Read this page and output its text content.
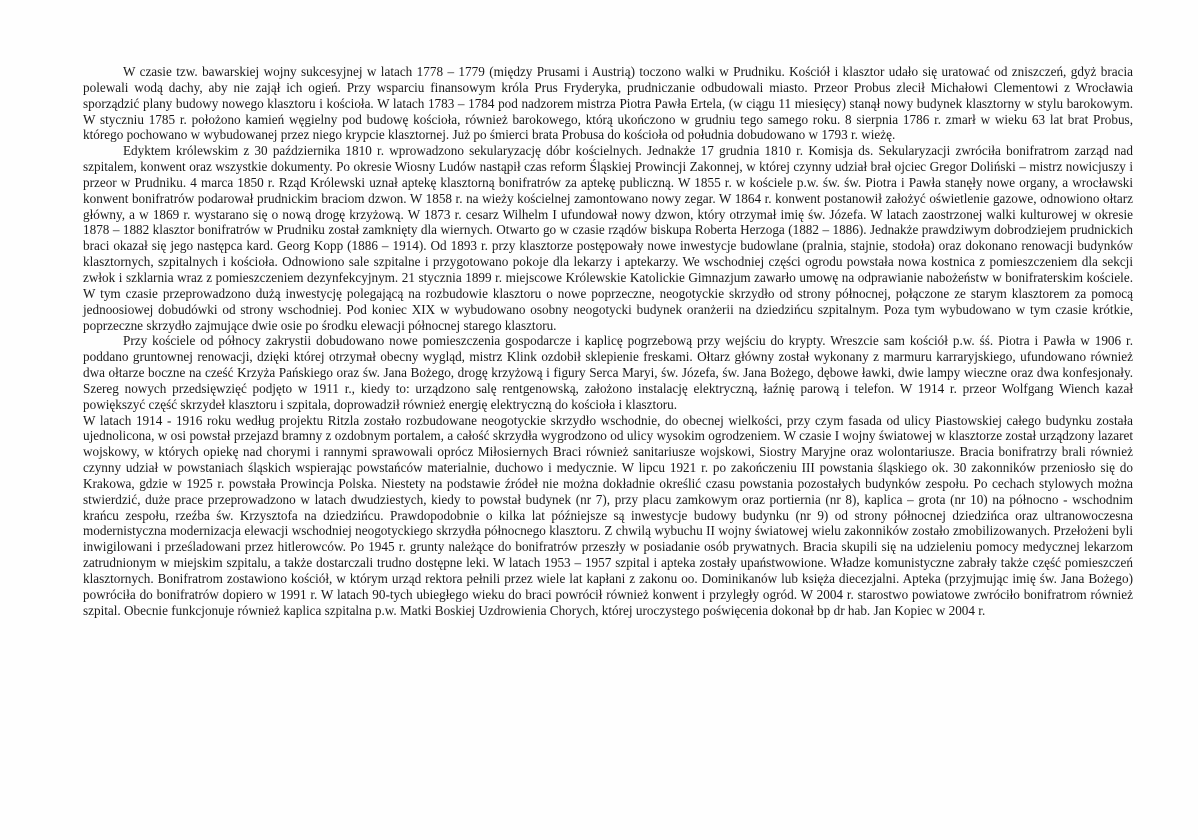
W czasie tzw. bawarskiej wojny sukcesyjnej w latach 1778 – 1779 (między Prusami i Austrią) toczono walki w Prudniku. Kościół i klasztor udało się uratować od zniszczeń, gdyż bracia polewali wodą dachy, aby nie zajął ich ogień. Przy wsparciu finansowym króla Prus Fryderyka, prudniczanie odbudowali miasto. Przeor Probus zlecił Michałowi Clementowi z Wrocławia sporządzić plany budowy nowego klasztoru i kościoła. W latach 1783 – 1784 pod nadzorem mistrza Piotra Pawła Ertela, (w ciągu 11 miesięcy) stanął nowy budynek klasztorny w stylu barokowym. W styczniu 1785 r. położono kamień węgielny pod budowę kościoła, również barokowego, którą ukończono w grudniu tego samego roku. 8 sierpnia 1786 r. zmarł w wieku 63 lat brat Probus, którego pochowano w wybudowanej przez niego krypcie klasztornej. Już po śmierci brata Probusa do kościoła od południa dobudowano w 1793 r. wieżę.

Edyktem królewskim z 30 października 1810 r. wprowadzono sekularyzację dóbr kościelnych. Jednakże 17 grudnia 1810 r. Komisja ds. Sekularyzacji zwróciła bonifratrom zarząd nad szpitalem, konwent oraz wszystkie dokumenty. Po okresie Wiosny Ludów nastąpił czas reform Śląskiej Prowincji Zakonnej, w której czynny udział brał ojciec Gregor Doliński – mistrz nowicjuszy i przeor w Prudniku. 4 marca 1850 r. Rząd Królewski uznał aptekę klasztorną bonifratrów za aptekę publiczną. W 1855 r. w kościele p.w. św. św. Piotra i Pawła stanęły nowe organy, a wrocławski konwent bonifratrów podarował prudnickim braciom dzwon. W 1858 r. na wieży kościelnej zamontowano nowy zegar. W 1864 r. konwent postanowił założyć oświetlenie gazowe, odnowiono ołtarz główny, a w 1869 r. wystarano się o nową drogę krzyżową. W 1873 r. cesarz Wilhelm I ufundował nowy dzwon, który otrzymał imię św. Józefa. W latach zaostrzonej walki kulturowej w okresie 1878 – 1882 klasztor bonifratrów w Prudniku został zamknięty dla wiernych. Otwarto go w czasie rządów biskupa Roberta Herzoga (1882 – 1886). Jednakże prawdziwym dobrodziejem prudnickich braci okazał się jego następca kard. Georg Kopp (1886 – 1914). Od 1893 r. przy klasztorze postępowały nowe inwestycje budowlane (pralnia, stajnie, stodoła) oraz dokonano renowacji budynków klasztornych, szpitalnych i kościoła. Odnowiono sale szpitalne i przygotowano pokoje dla lekarzy i aptekarzy. We wschodniej części ogrodu powstała nowa kostnica z pomieszczeniem dla sekcji zwłok i szklarnia wraz z pomieszczeniem dezynfekcyjnym. 21 stycznia 1899 r. miejscowe Królewskie Katolickie Gimnazjum zawarło umowę na odprawianie nabożeństw w bonifraterskim kościele. W tym czasie przeprowadzono dużą inwestycję polegającą na rozbudowie klasztoru o nowe poprzeczne, neogotyckie skrzydło od strony północnej, połączone ze starym klasztorem za pomocą jednoosiowej dobudówki od strony wschodniej. Pod koniec XIX w wybudowano osobny neogotycki budynek oranżerii na dziedzińcu szpitalnym. Poza tym wybudowano w tym czasie krótkie, poprzeczne skrzydło zajmujące dwie osie po środku elewacji północnej starego klasztoru.

Przy kościele od północy zakrystii dobudowano nowe pomieszczenia gospodarcze i kaplicę pogrzebową przy wejściu do krypty. Wreszcie sam kościół p.w. śś. Piotra i Pawła w 1906 r. poddano gruntownej renowacji, dzięki której otrzymał obecny wygląd, mistrz Klink ozdobił sklepienie freskami. Ołtarz główny został wykonany z marmuru karraryjskiego, ufundowano również dwa ołtarze boczne na cześć Krzyża Pańskiego oraz św. Jana Bożego, drogę krzyżową i figury Serca Maryi, św. Józefa, św. Jana Bożego, dębowe ławki, dwie lampy wieczne oraz dwa konfesjonały. Szereg nowych przedsięwzięć podjęto w 1911 r., kiedy to: urządzono salę rentgenowską, założono instalację elektryczną, łaźnię parową i telefon. W 1914 r. przeor Wolfgang Wiench kazał powiększyć część skrzydeł klasztoru i szpitala, doprowadził również energię elektryczną do kościoła i klasztoru.

W latach 1914 - 1916 roku według projektu Ritzla zostało rozbudowane neogotyckie skrzydło wschodnie, do obecnej wielkości, przy czym fasada od ulicy Piastowskiej całego budynku została ujednolicona, w osi powstał przejazd bramny z ozdobnym portalem, a całość skrzydła wygrodzono od ulicy wysokim ogrodzeniem. W czasie I wojny światowej w klasztorze został urządzony lazaret wojskowy, w których opiekę nad chorymi i rannymi sprawowali oprócz Miłosiernych Braci również sanitariusze wojskowi, Siostry Maryjne oraz wolontariusze. Bracia bonifratrzy brali również czynny udział w powstaniach śląskich wspierając powstańców materialnie, duchowo i medycznie. W lipcu 1921 r. po zakończeniu III powstania śląskiego ok. 30 zakonników przeniosło się do Krakowa, gdzie w 1925 r. powstała Prowincja Polska. Niestety na podstawie źródeł nie można dokładnie określić czasu powstania pozostałych budynków zespołu. Po cechach stylowych można stwierdzić, duże prace przeprowadzono w latach dwudziestych, kiedy to powstał budynek (nr 7), przy placu zamkowym oraz portiernia (nr 8), kaplica – grota (nr 10) na północno - wschodnim krańcu zespołu, rzeźba św. Krzysztofa na dziedzińcu. Prawdopodobnie o kilka lat późniejsze są inwestycje budowy budynku (nr 9) od strony północnej dziedzińca oraz ultranowoczesna modernistyczna modernizacja elewacji wschodniej neogotyckiego skrzydła północnego klasztoru. Z chwilą wybuchu II wojny światowej wielu zakonników zostało zmobilizowanych. Przełożeni byli inwigilowani i prześladowani przez hitlerowców. Po 1945 r. grunty należące do bonifratrów przeszły w posiadanie osób prywatnych. Bracia skupili się na udzieleniu pomocy medycznej lekarzom zatrudnionym w miejskim szpitalu, a także dostarczali trudno dostępne leki. W latach 1953 – 1957 szpital i apteka zostały upaństwowione. Władze komunistyczne zabrały także część pomieszczeń klasztornych. Bonifratrom zostawiono kościół, w którym urząd rektora pełnili przez wiele lat kapłani z zakonu oo. Dominikanów lub księża diecezjalni. Apteka (przyjmując imię św. Jana Bożego) powróciła do bonifratrów dopiero w 1991 r. W latach 90-tych ubiegłego wieku do braci powrócił również konwent i przyległy ogród. W 2004 r. starostwo powiatowe zwróciło bonifratrom również szpital. Obecnie funkcjonuje również kaplica szpitalna p.w. Matki Boskiej Uzdrowienia Chorych, której uroczystego poświęcenia dokonał bp dr hab. Jan Kopiec w 2004 r.
